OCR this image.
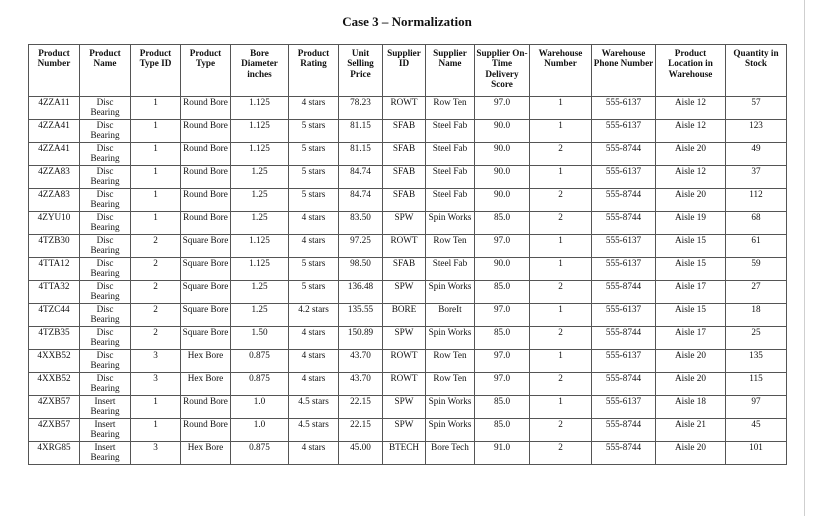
Case 3 – Normalization
Product Number	Product Name	Product Type ID	Product Type	Bore Diameter inches	Product Rating	Unit Selling Price	Supplier ID	Supplier Name	Supplier On-Time Delivery Score	Warehouse Number	Warehouse Phone Number	Product Location in Warehouse	Quantity in Stock
4ZZA11	Disc Bearing	1	Round Bore	1.125	4 stars	78.23	ROWT	Row Ten	97.0	1	555-6137	Aisle 12	57
4ZZA41	Disc Bearing	1	Round Bore	1.125	5 stars	81.15	SFAB	Steel Fab	90.0	1	555-6137	Aisle 12	123
4ZZA41	Disc Bearing	1	Round Bore	1.125	5 stars	81.15	SFAB	Steel Fab	90.0	2	555-8744	Aisle 20	49
4ZZA83	Disc Bearing	1	Round Bore	1.25	5 stars	84.74	SFAB	Steel Fab	90.0	1	555-6137	Aisle 12	37
4ZZA83	Disc Bearing	1	Round Bore	1.25	5 stars	84.74	SFAB	Steel Fab	90.0	2	555-8744	Aisle 20	112
4ZYU10	Disc Bearing	1	Round Bore	1.25	4 stars	83.50	SPW	Spin Works	85.0	2	555-8744	Aisle 19	68
4TZB30	Disc Bearing	2	Square Bore	1.125	4 stars	97.25	ROWT	Row Ten	97.0	1	555-6137	Aisle 15	61
4TTA12	Disc Bearing	2	Square Bore	1.125	5 stars	98.50	SFAB	Steel Fab	90.0	1	555-6137	Aisle 15	59
4TTA32	Disc Bearing	2	Square Bore	1.25	5 stars	136.48	SPW	Spin Works	85.0	2	555-8744	Aisle 17	27
4TZC44	Disc Bearing	2	Square Bore	1.25	4.2 stars	135.55	BORE	BoreIt	97.0	1	555-6137	Aisle 15	18
4TZB35	Disc Bearing	2	Square Bore	1.50	4 stars	150.89	SPW	Spin Works	85.0	2	555-8744	Aisle 17	25
4XXB52	Disc Bearing	3	Hex Bore	0.875	4 stars	43.70	ROWT	Row Ten	97.0	1	555-6137	Aisle 20	135
4XXB52	Disc Bearing	3	Hex Bore	0.875	4 stars	43.70	ROWT	Row Ten	97.0	2	555-8744	Aisle 20	115
4ZXB57	Insert Bearing	1	Round Bore	1.0	4.5 stars	22.15	SPW	Spin Works	85.0	1	555-6137	Aisle 18	97
4ZXB57	Insert Bearing	1	Round Bore	1.0	4.5 stars	22.15	SPW	Spin Works	85.0	2	555-8744	Aisle 21	45
4XRG85	Insert Bearing	3	Hex Bore	0.875	4 stars	45.00	BTECH	Bore Tech	91.0	2	555-8744	Aisle 20	101
